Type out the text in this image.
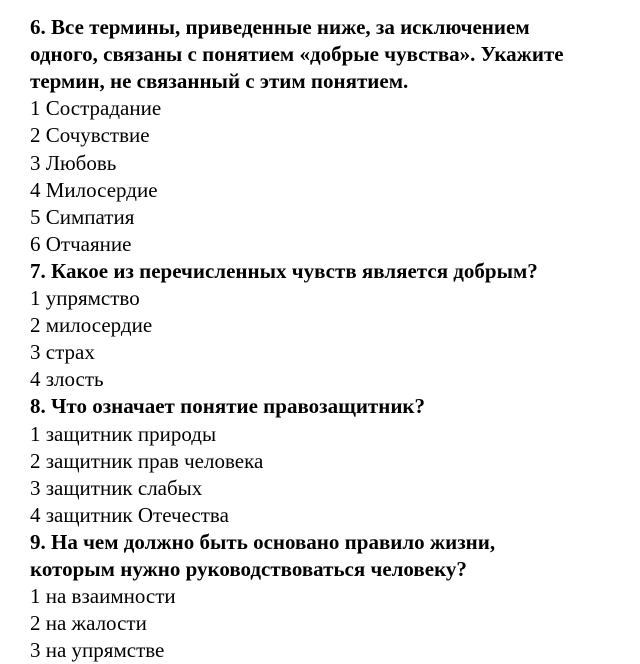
6. Все термины, приведенные ниже, за исключением
одного, связаны с понятием «добрые чувства». Укажите
термин, не связанный с этим понятием.
1 Сострадание
2 Сочувствие
3 Любовь
4 Милосердие
5 Симпатия
6 Отчаяние
7. Какое из перечисленных чувств является добрым?
1 упрямство
2 милосердие
3 страх
4 злость
8. Что означает понятие правозащитник?
1 защитник природы
2 защитник прав человека
3 защитник слабых
4 защитник Отечества
9. На чем должно быть основано правило жизни,
которым нужно руководствоваться человеку?
1 на взаимности
2 на жалости
3 на упрямстве
